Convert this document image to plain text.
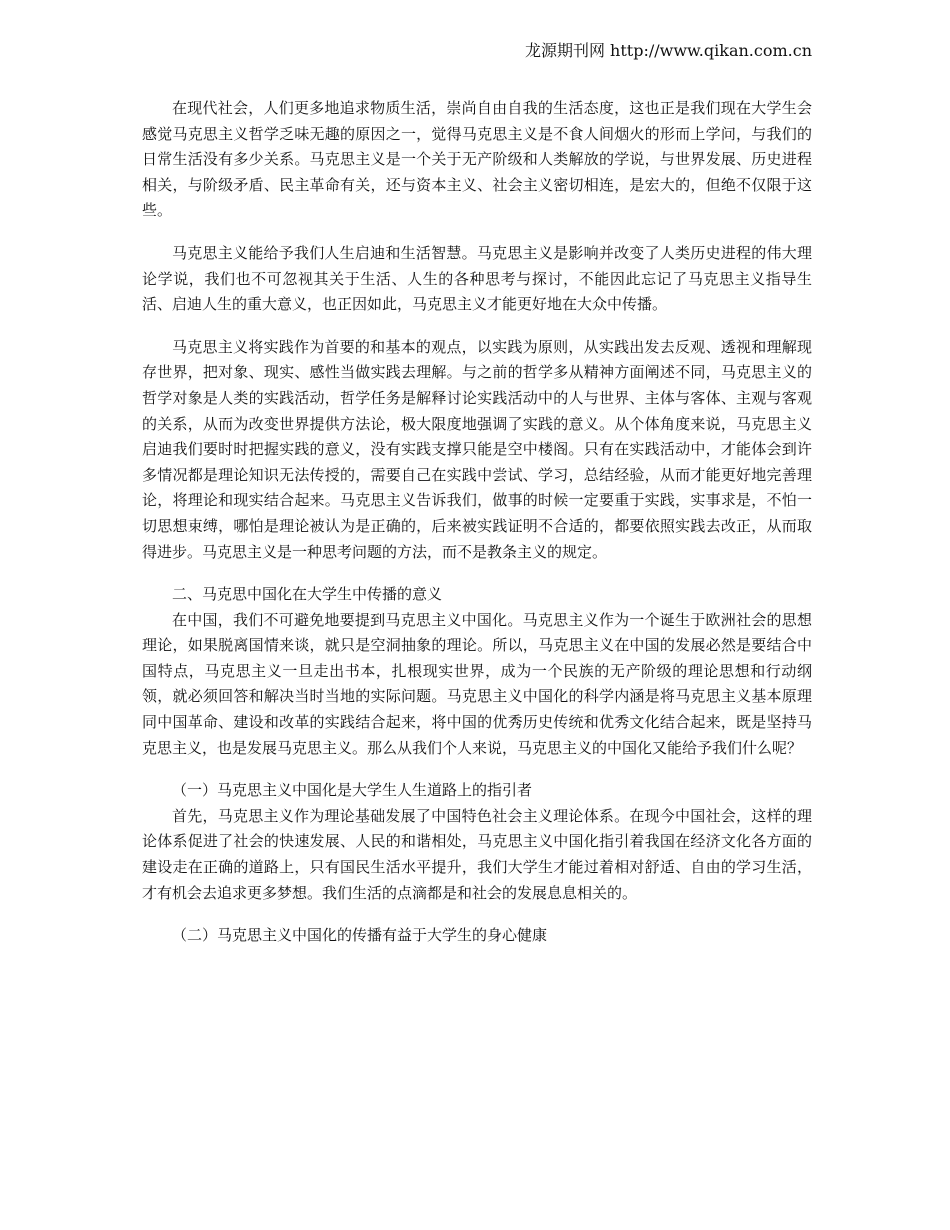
龙源期刊网 http://www.qikan.com.cn

在现代社会，人们更多地追求物质生活，崇尚自由自我的生活态度，这也正是我们现在大学生会感觉马克思主义哲学乏味无趣的原因之一，觉得马克思主义是不食人间烟火的形而上学问，与我们的日常生活没有多少关系。马克思主义是一个关于无产阶级和人类解放的学说，与世界发展、历史进程相关，与阶级矛盾、民主革命有关，还与资本主义、社会主义密切相连，是宏大的，但绝不仅限于这些。

马克思主义能给予我们人生启迪和生活智慧。马克思主义是影响并改变了人类历史进程的伟大理论学说，我们也不可忽视其关于生活、人生的各种思考与探讨，不能因此忘记了马克思主义指导生活、启迪人生的重大意义，也正因如此，马克思主义才能更好地在大众中传播。

马克思主义将实践作为首要的和基本的观点，以实践为原则，从实践出发去反观、透视和理解现存世界，把对象、现实、感性当做实践去理解。与之前的哲学多从精神方面阐述不同，马克思主义的哲学对象是人类的实践活动，哲学任务是解释讨论实践活动中的人与世界、主体与客体、主观与客观的关系，从而为改变世界提供方法论，极大限度地强调了实践的意义。从个体角度来说，马克思主义启迪我们要时时把握实践的意义，没有实践支撑只能是空中楼阁。只有在实践活动中，才能体会到许多情况都是理论知识无法传授的，需要自己在实践中尝试、学习，总结经验，从而才能更好地完善理论，将理论和现实结合起来。马克思主义告诉我们，做事的时候一定要重于实践，实事求是，不怕一切思想束缚，哪怕是理论被认为是正确的，后来被实践证明不合适的，都要依照实践去改正，从而取得进步。马克思主义是一种思考问题的方法，而不是教条主义的规定。

二、马克思中国化在大学生中传播的意义

在中国，我们不可避免地要提到马克思主义中国化。马克思主义作为一个诞生于欧洲社会的思想理论，如果脱离国情来谈，就只是空洞抽象的理论。所以，马克思主义在中国的发展必然是要结合中国特点，马克思主义一旦走出书本，扎根现实世界，成为一个民族的无产阶级的理论思想和行动纲领，就必须回答和解决当时当地的实际问题。马克思主义中国化的科学内涵是将马克思主义基本原理同中国革命、建设和改革的实践结合起来，将中国的优秀历史传统和优秀文化结合起来，既是坚持马克思主义，也是发展马克思主义。那么从我们个人来说，马克思主义的中国化又能给予我们什么呢？

（一）马克思主义中国化是大学生人生道路上的指引者

首先，马克思主义作为理论基础发展了中国特色社会主义理论体系。在现今中国社会，这样的理论体系促进了社会的快速发展、人民的和谐相处，马克思主义中国化指引着我国在经济文化各方面的建设走在正确的道路上，只有国民生活水平提升，我们大学生才能过着相对舒适、自由的学习生活，才有机会去追求更多梦想。我们生活的点滴都是和社会的发展息息相关的。

（二）马克思主义中国化的传播有益于大学生的身心健康
